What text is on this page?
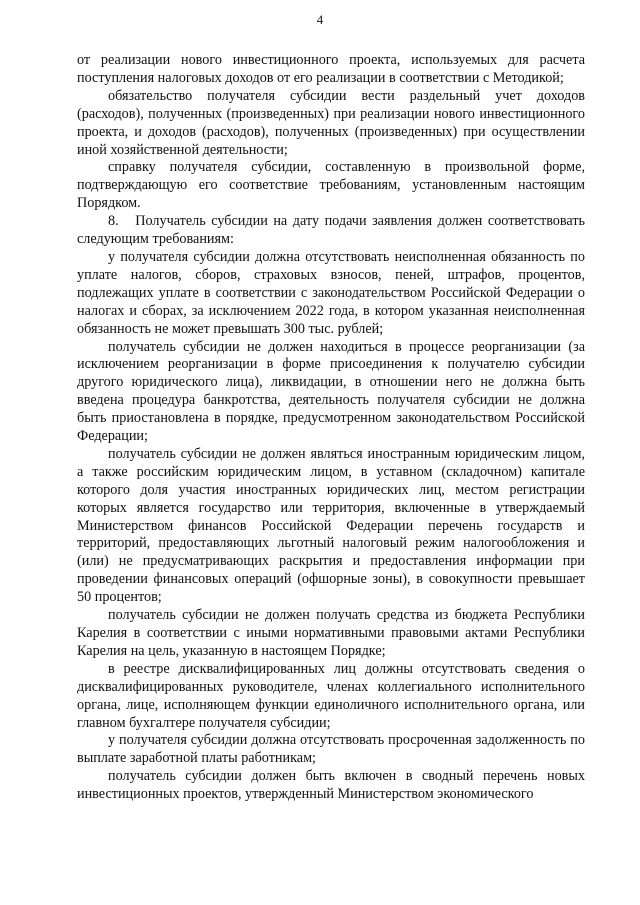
4

от реализации нового инвестиционного проекта, используемых для расчета поступления налоговых доходов от его реализации в соответствии с Методикой;

обязательство получателя субсидии вести раздельный учет доходов (расходов), полученных (произведенных) при реализации нового инвестиционного проекта, и доходов (расходов), полученных (произведенных) при осуществлении иной хозяйственной деятельности;

справку получателя субсидии, составленную в произвольной форме, подтверждающую его соответствие требованиям, установленным настоящим Порядком.

8.   Получатель субсидии на дату подачи заявления должен соответствовать следующим требованиям:

у получателя субсидии должна отсутствовать неисполненная обязанность по уплате налогов, сборов, страховых взносов, пеней, штрафов, процентов, подлежащих уплате в соответствии с законодательством Российской Федерации о налогах и сборах, за исключением 2022 года, в котором указанная неисполненная обязанность не может превышать 300 тыс. рублей;

получатель субсидии не должен находиться в процессе реорганизации (за исключением реорганизации в форме присоединения к получателю субсидии другого юридического лица), ликвидации, в отношении него не должна быть введена процедура банкротства, деятельность получателя субсидии не должна быть приостановлена в порядке, предусмотренном законодательством Российской Федерации;

получатель субсидии не должен являться иностранным юридическим лицом, а также российским юридическим лицом, в уставном (складочном) капитале которого доля участия иностранных юридических лиц, местом регистрации которых является государство или территория, включенные в утверждаемый Министерством финансов Российской Федерации перечень государств и территорий, предоставляющих льготный налоговый режим налогообложения и (или) не предусматривающих раскрытия и предоставления информации при проведении финансовых операций (офшорные зоны), в совокупности превышает 50 процентов;

получатель субсидии не должен получать средства из бюджета Республики Карелия в соответствии с иными нормативными правовыми актами Республики Карелия на цель, указанную в настоящем Порядке;

в реестре дисквалифицированных лиц должны отсутствовать сведения о дисквалифицированных руководителе, членах коллегиального исполнительного органа, лице, исполняющем функции единоличного исполнительного органа, или главном бухгалтере получателя субсидии;

у получателя субсидии должна отсутствовать просроченная задолженность по выплате заработной платы работникам;

получатель субсидии должен быть включен в сводный перечень новых инвестиционных проектов, утвержденный Министерством экономического
